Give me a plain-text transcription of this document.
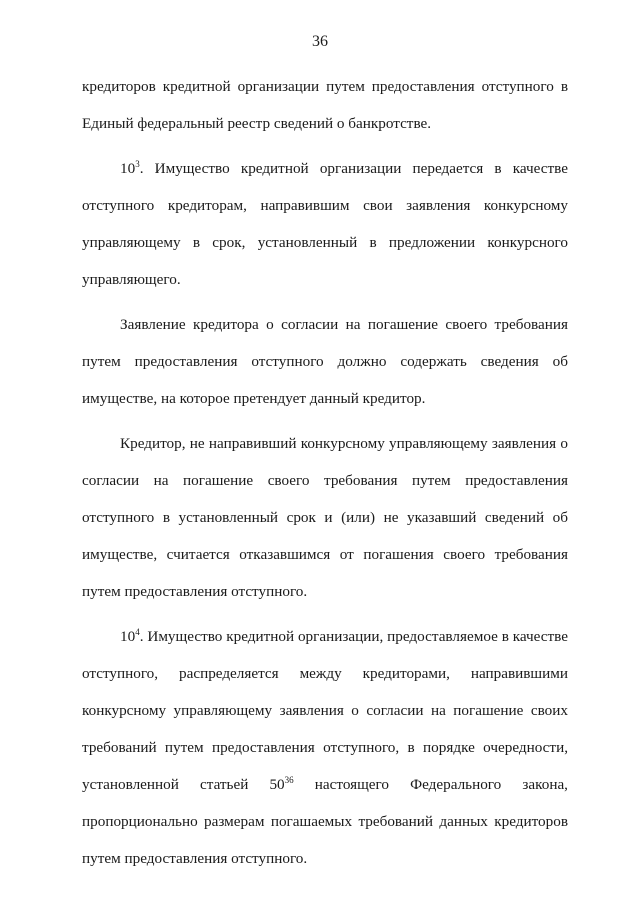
36
кредиторов кредитной организации путем предоставления отступного в
Единый федеральный реестр сведений о банкротстве.
$10^3$. Имущество кредитной организации передается в качестве
отступного кредиторам, направившим свои заявления конкурсному
управляющему в срок, установленный в предложении конкурсного
управляющего.
Заявление кредитора о согласии на погашение своего требования
путем предоставления отступного должно содержать сведения об
имуществе, на которое претендует данный кредитор.
Кредитор, не направивший конкурсному управляющему заявления о
согласии на погашение своего требования путем предоставления
отступного в установленный срок и (или) не указавший сведений об
имуществе, считается отказавшимся от погашения своего требования
путем предоставления отступного.
$10^4$. Имущество кредитной организации, предоставляемое в качестве
отступного, распределяется между кредиторами, направившими
конкурсному управляющему заявления о согласии на погашение своих
требований путем предоставления отступного, в порядке очередности,
установленной статьей $50^{36}$ настоящего Федерального закона,
пропорционально размерам погашаемых требований данных кредиторов
путем предоставления отступного.
